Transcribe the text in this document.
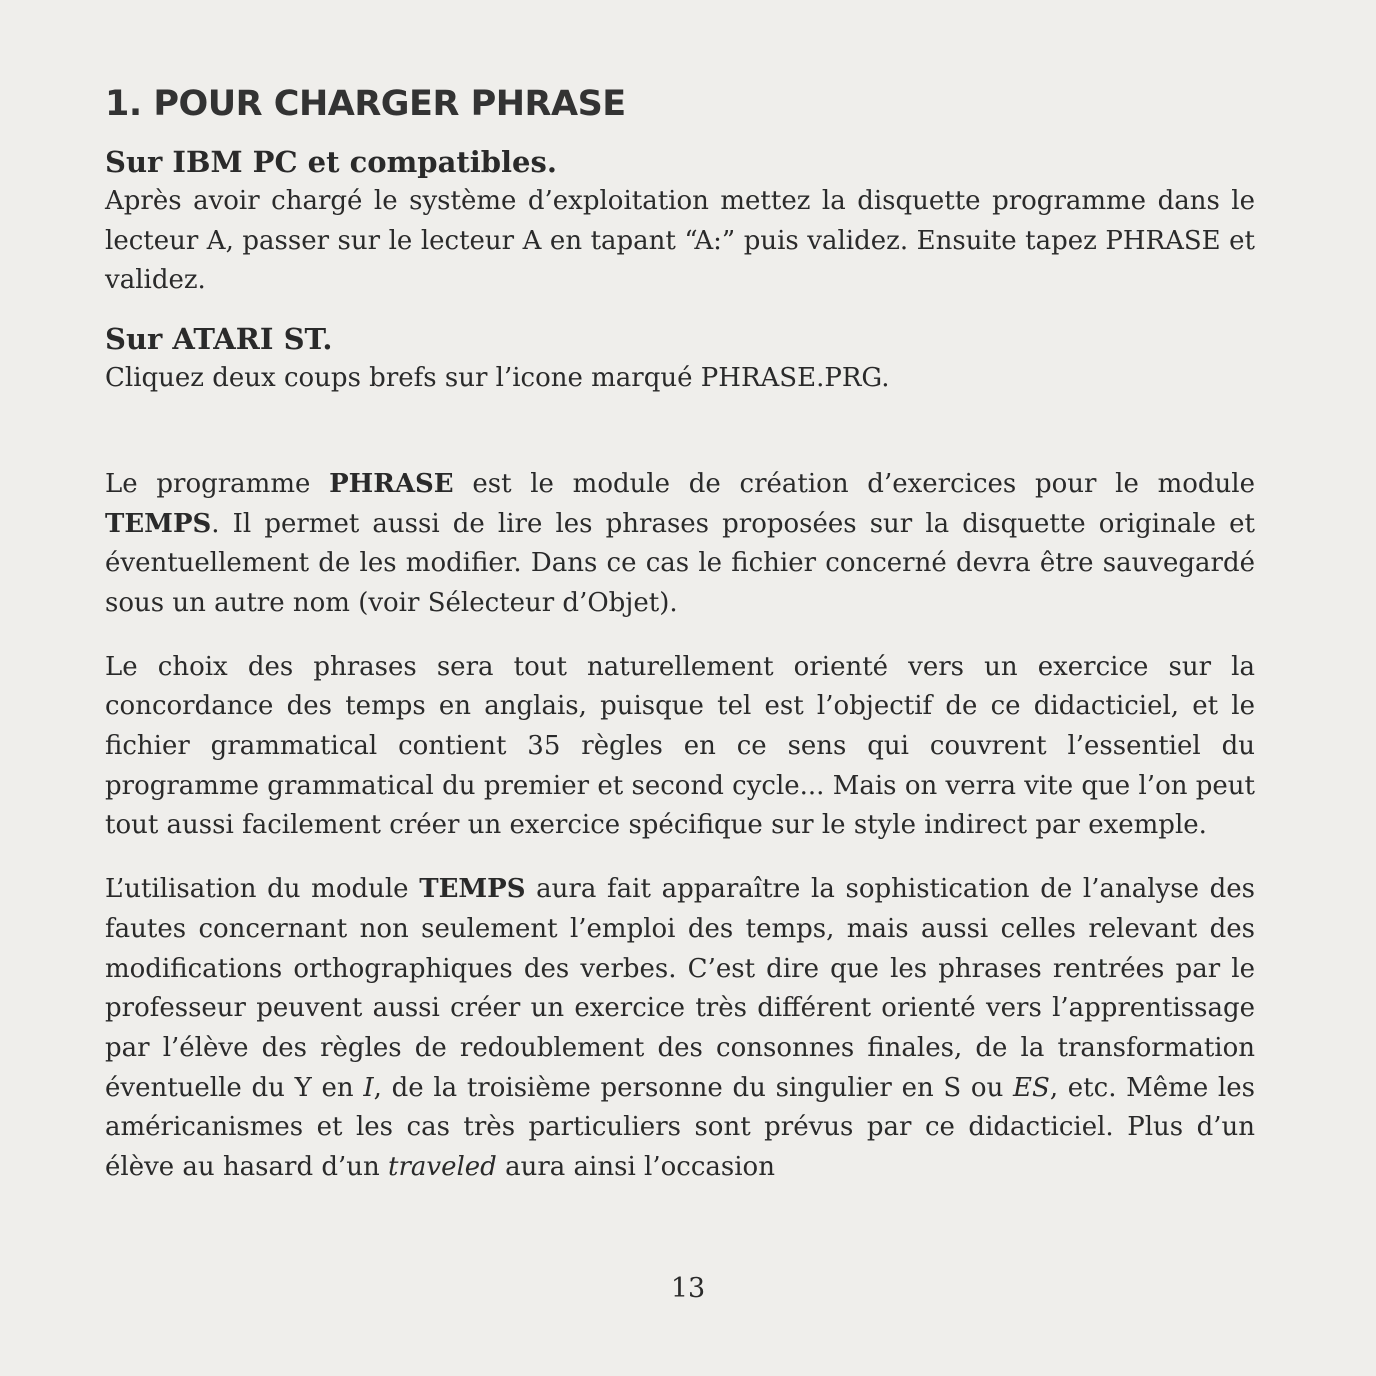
1. POUR CHARGER PHRASE
Sur IBM PC et compatibles.

Après avoir chargé le système d’exploitation mettez la disquette programme dans le lecteur A, passer sur le lecteur A en tapant “A:” puis validez. Ensuite tapez PHRASE et validez.

Sur ATARI ST.

Cliquez deux coups brefs sur l’icone marqué PHRASE.PRG.

Le programme PHRASE est le module de création d’exercices pour le module TEMPS. Il permet aussi de lire les phrases proposées sur la disquette originale et éventuellement de les modifier. Dans ce cas le fichier concerné devra être sauvegardé sous un autre nom (voir Sélecteur d’Objet).

Le choix des phrases sera tout naturellement orienté vers un exercice sur la concordance des temps en anglais, puisque tel est l’objectif de ce didacticiel, et le fichier grammatical contient 35 règles en ce sens qui couvrent l’essentiel du programme grammatical du premier et second cycle... Mais on verra vite que l’on peut tout aussi facilement créer un exercice spécifique sur le style indirect par exemple.

L’utilisation du module TEMPS aura fait apparaître la sophistication de l’analyse des fautes concernant non seulement l’emploi des temps, mais aussi celles relevant des modifications orthographiques des verbes. C’est dire que les phrases rentrées par le professeur peuvent aussi créer un exercice très différent orienté vers l’apprentissage par l’élève des règles de redoublement des consonnes finales, de la transformation éventuelle du Y en I, de la troisième personne du singulier en S ou ES, etc. Même les américanismes et les cas très particuliers sont prévus par ce didacticiel. Plus d’un élève au hasard d’un traveled aura ainsi l’occasion

13
